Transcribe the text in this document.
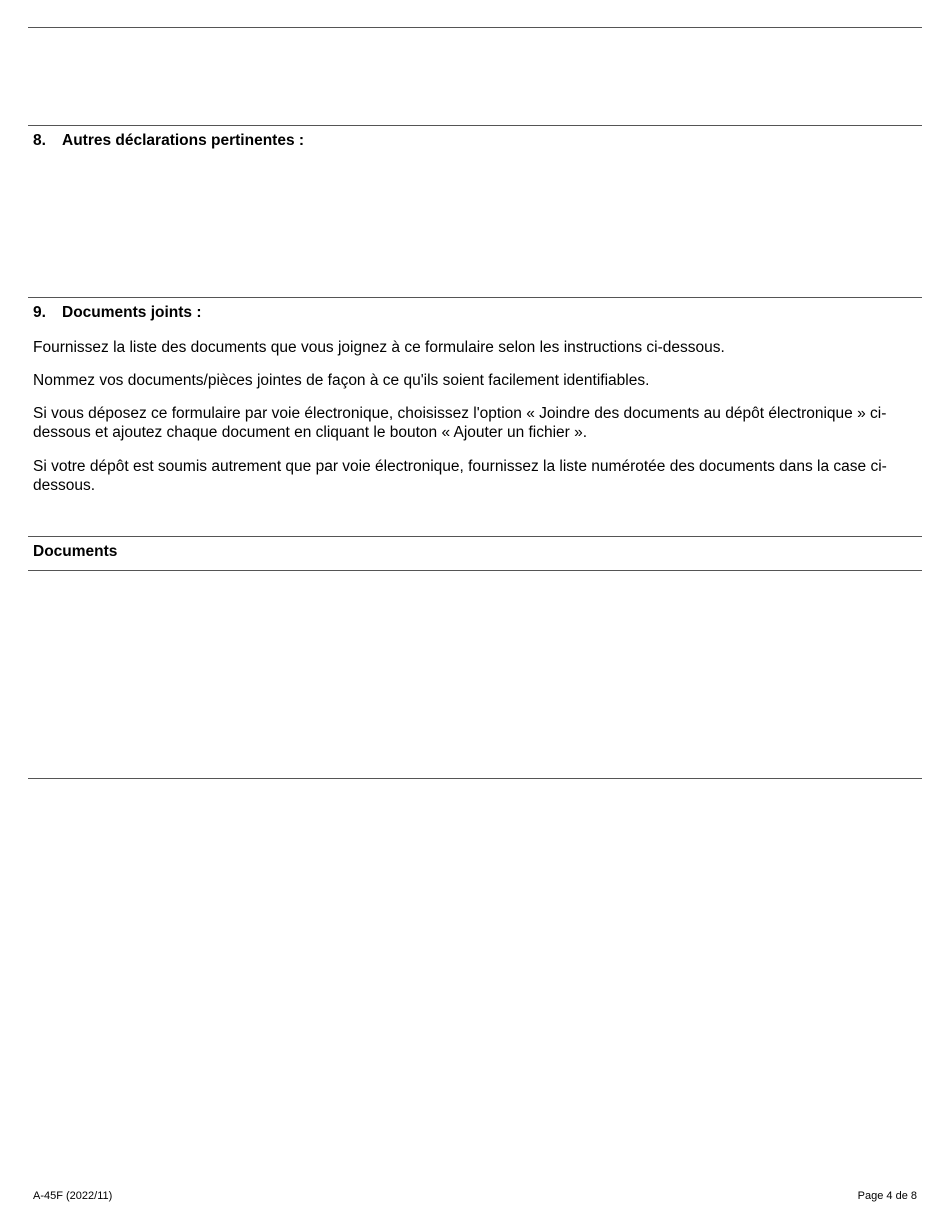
8. Autres déclarations pertinentes :
9. Documents joints :

Fournissez la liste des documents que vous joignez à ce formulaire selon les instructions ci-dessous.

Nommez vos documents/pièces jointes de façon à ce qu'ils soient facilement identifiables.

Si vous déposez ce formulaire par voie électronique, choisissez l'option « Joindre des documents au dépôt électronique » ci-dessous et ajoutez chaque document en cliquant le bouton « Ajouter un fichier ».

Si votre dépôt est soumis autrement que par voie électronique, fournissez la liste numérotée des documents dans la case ci-dessous.

Documents
A-45F (2022/11)	Page 4 de 8
